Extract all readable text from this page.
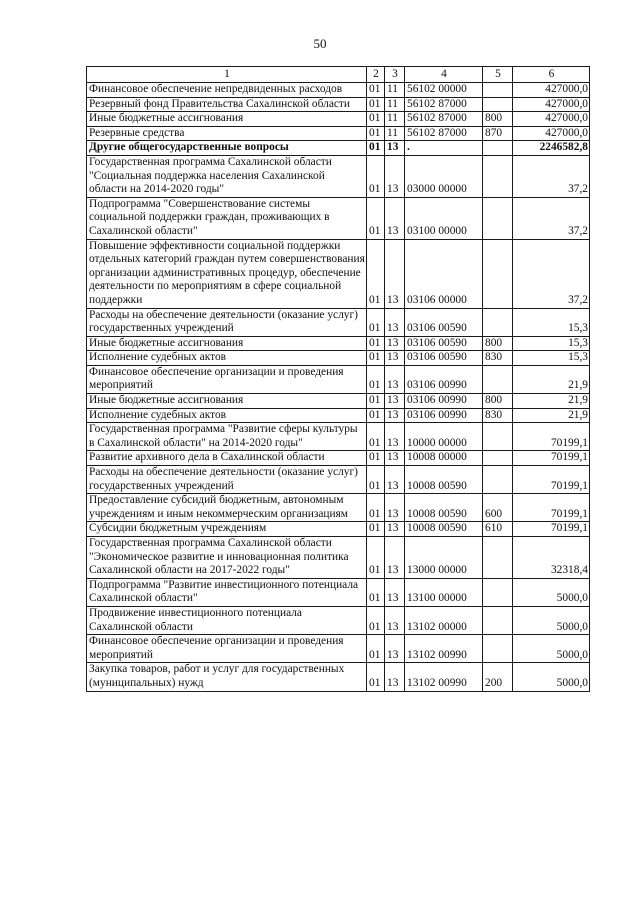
50
1	2	3	4	5	6
Финансовое обеспечение непредвиденных расходов	01	11	56102 00000		427000,0
Резервный фонд Правительства Сахалинской области	01	11	56102 87000		427000,0
Иные бюджетные ассигнования	01	11	56102 87000	800	427000,0
Резервные средства	01	11	56102 87000	870	427000,0
Другие общегосударственные вопросы	01	13	.		2246582,8
Государственная программа Сахалинской области "Социальная поддержка населения Сахалинской области на 2014-2020 годы"	01	13	03000 00000		37,2
Подпрограмма "Совершенствование системы социальной поддержки граждан, проживающих в Сахалинской области"	01	13	03100 00000		37,2
Повышение эффективности социальной поддержки отдельных категорий граждан путем совершенствования организации административных процедур, обеспечение деятельности по мероприятиям в сфере социальной поддержки	01	13	03106 00000		37,2
Расходы на обеспечение деятельности (оказание услуг) государственных учреждений	01	13	03106 00590		15,3
Иные бюджетные ассигнования	01	13	03106 00590	800	15,3
Исполнение судебных актов	01	13	03106 00590	830	15,3
Финансовое обеспечение организации и проведения мероприятий	01	13	03106 00990		21,9
Иные бюджетные ассигнования	01	13	03106 00990	800	21,9
Исполнение судебных актов	01	13	03106 00990	830	21,9
Государственная программа "Развитие сферы культуры в Сахалинской области" на 2014-2020 годы"	01	13	10000 00000		70199,1
Развитие архивного дела в Сахалинской области	01	13	10008 00000		70199,1
Расходы на обеспечение деятельности (оказание услуг) государственных учреждений	01	13	10008 00590		70199,1
Предоставление субсидий бюджетным, автономным учреждениям и иным некоммерческим организациям	01	13	10008 00590	600	70199,1
Субсидии бюджетным учреждениям	01	13	10008 00590	610	70199,1
Государственная программа Сахалинской области "Экономическое развитие и инновационная политика Сахалинской области на 2017-2022 годы"	01	13	13000 00000		32318,4
Подпрограмма "Развитие инвестиционного потенциала Сахалинской области"	01	13	13100 00000		5000,0
Продвижение инвестиционного потенциала Сахалинской области	01	13	13102 00000		5000,0
Финансовое обеспечение организации и проведения мероприятий	01	13	13102 00990		5000,0
Закупка товаров, работ и услуг для государственных (муниципальных) нужд	01	13	13102 00990	200	5000,0
